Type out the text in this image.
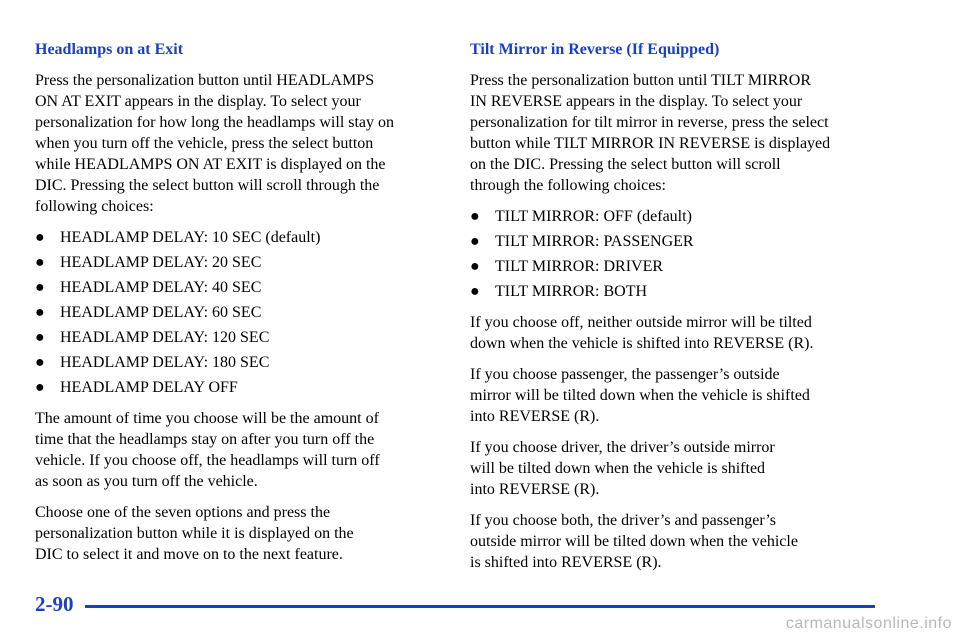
Headlamps on at Exit

Press the personalization button until HEADLAMPS
ON AT EXIT appears in the display. To select your
personalization for how long the headlamps will stay on
when you turn off the vehicle, press the select button
while HEADLAMPS ON AT EXIT is displayed on the
DIC. Pressing the select button will scroll through the
following choices:

● HEADLAMP DELAY: 10 SEC (default)
● HEADLAMP DELAY: 20 SEC
● HEADLAMP DELAY: 40 SEC
● HEADLAMP DELAY: 60 SEC
● HEADLAMP DELAY: 120 SEC
● HEADLAMP DELAY: 180 SEC
● HEADLAMP DELAY OFF

The amount of time you choose will be the amount of
time that the headlamps stay on after you turn off the
vehicle. If you choose off, the headlamps will turn off
as soon as you turn off the vehicle.

Choose one of the seven options and press the
personalization button while it is displayed on the
DIC to select it and move on to the next feature.

Tilt Mirror in Reverse (If Equipped)

Press the personalization button until TILT MIRROR
IN REVERSE appears in the display. To select your
personalization for tilt mirror in reverse, press the select
button while TILT MIRROR IN REVERSE is displayed
on the DIC. Pressing the select button will scroll
through the following choices:

● TILT MIRROR: OFF (default)
● TILT MIRROR: PASSENGER
● TILT MIRROR: DRIVER
● TILT MIRROR: BOTH

If you choose off, neither outside mirror will be tilted
down when the vehicle is shifted into REVERSE (R).

If you choose passenger, the passenger’s outside
mirror will be tilted down when the vehicle is shifted
into REVERSE (R).

If you choose driver, the driver’s outside mirror
will be tilted down when the vehicle is shifted
into REVERSE (R).

If you choose both, the driver’s and passenger’s
outside mirror will be tilted down when the vehicle
is shifted into REVERSE (R).

2-90
carmanualsonline.info
